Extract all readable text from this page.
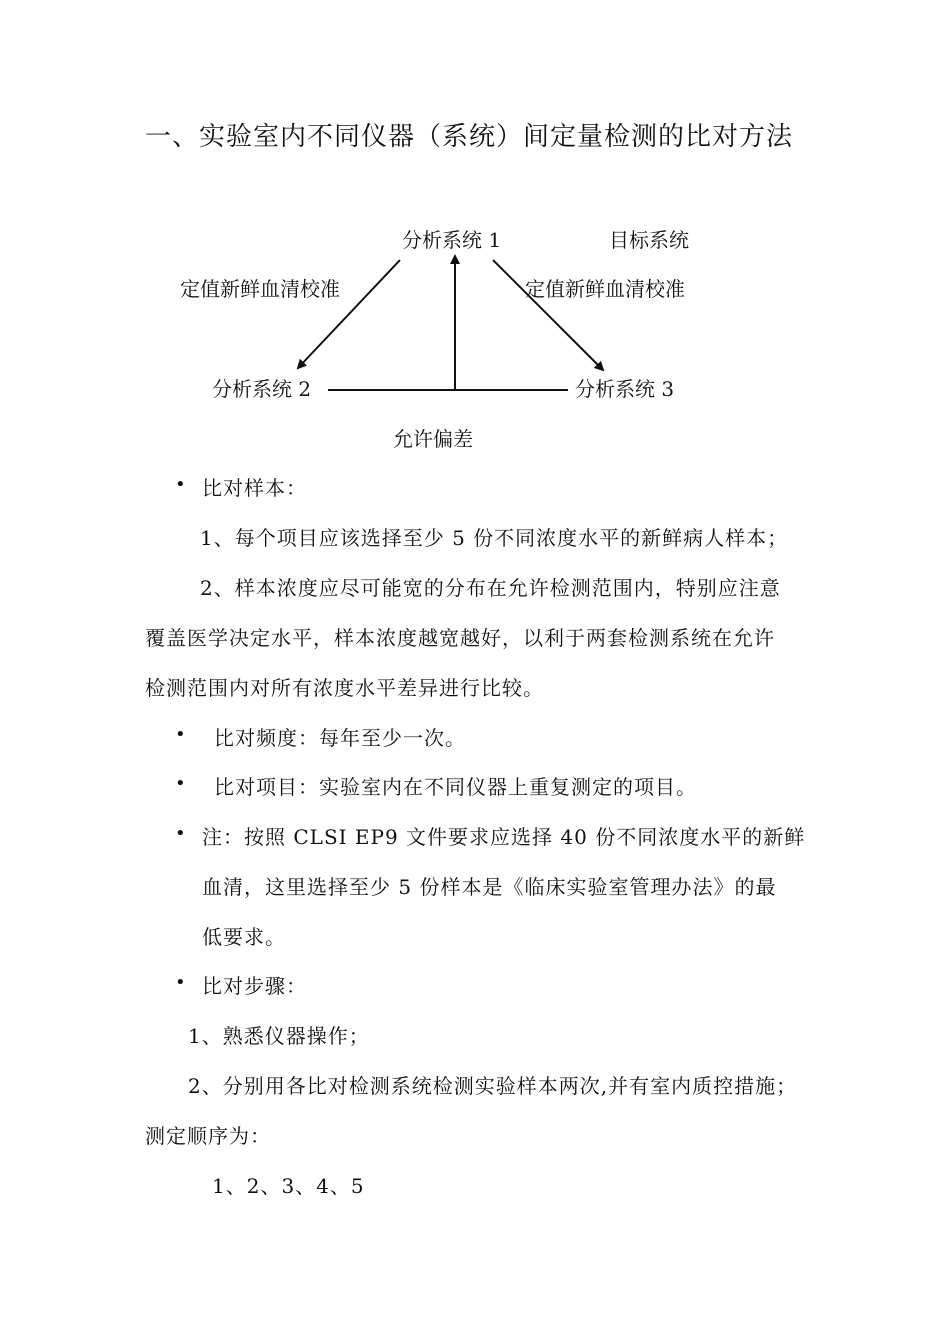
一、实验室内不同仪器（系统）间定量检测的比对方法
分析系统 1	目标系统
定值新鲜血清校准	定值新鲜血清校准
分析系统 2	分析系统 3
允许偏差
• 比对样本：
1、每个项目应该选择至少 5 份不同浓度水平的新鲜病人样本；
2、样本浓度应尽可能宽的分布在允许检测范围内，特别应注意
覆盖医学决定水平，样本浓度越宽越好，以利于两套检测系统在允许
检测范围内对所有浓度水平差异进行比较。
• 比对频度：每年至少一次。
• 比对项目：实验室内在不同仪器上重复测定的项目。
• 注：按照 CLSI EP9 文件要求应选择 40 份不同浓度水平的新鲜
血清，这里选择至少 5 份样本是《临床实验室管理办法》的最
低要求。
• 比对步骤：
1、熟悉仪器操作；
2、分别用各比对检测系统检测实验样本两次,并有室内质控措施；
测定顺序为：
1、2、3、4、5
